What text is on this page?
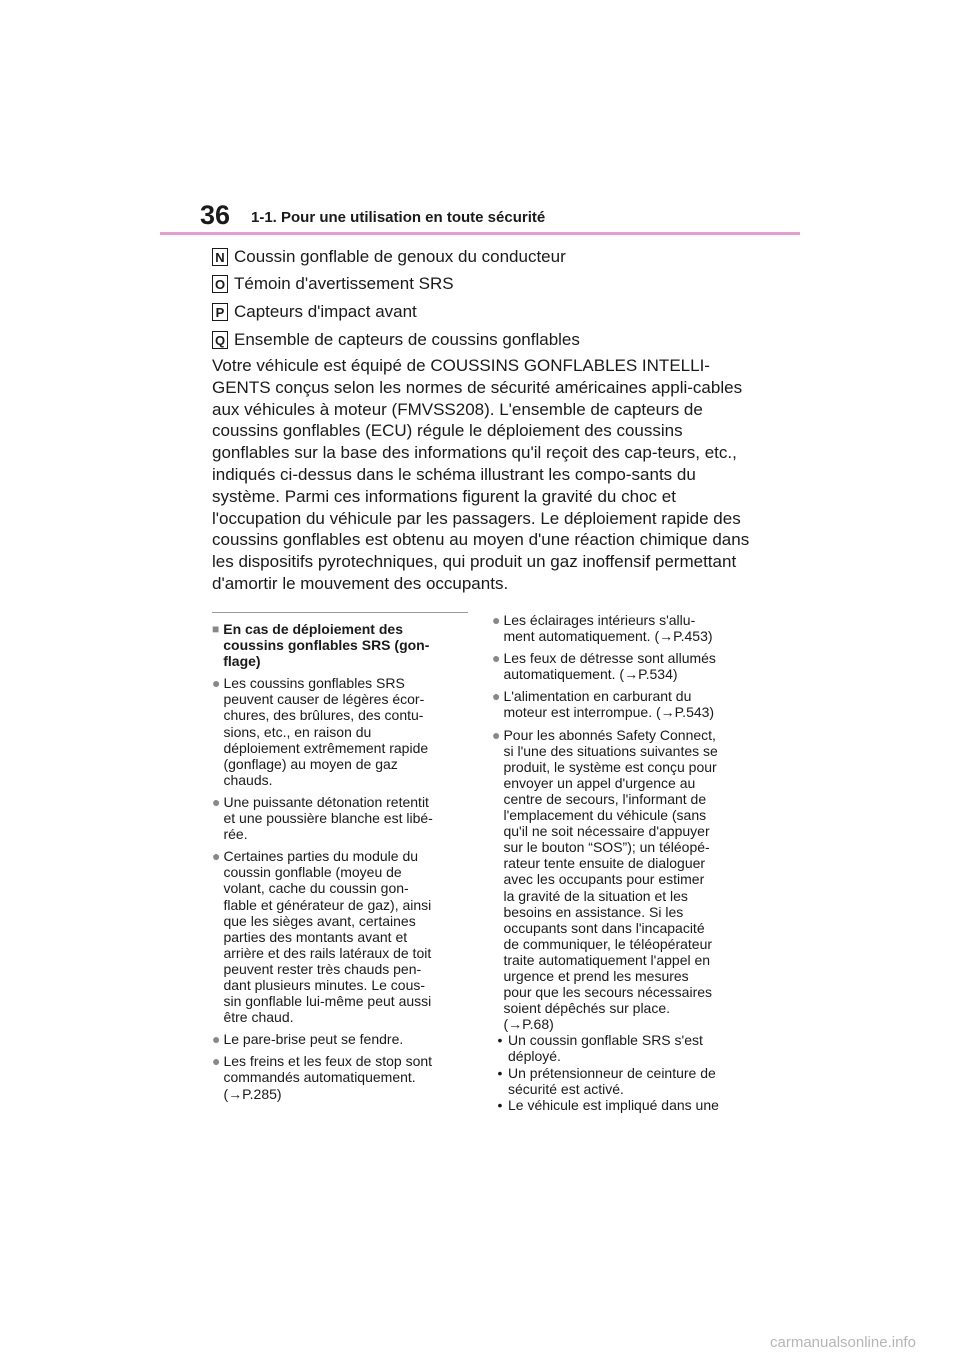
36 1-1. Pour une utilisation en toute sécurité
N Coussin gonflable de genoux du conducteur
O Témoin d'avertissement SRS
P Capteurs d'impact avant
Q Ensemble de capteurs de coussins gonflables

Votre véhicule est équipé de COUSSINS GONFLABLES INTELLI-GENTS conçus selon les normes de sécurité américaines appli-cables aux véhicules à moteur (FMVSS208). L'ensemble de capteurs de coussins gonflables (ECU) régule le déploiement des coussins gonflables sur la base des informations qu'il reçoit des cap-teurs, etc., indiqués ci-dessus dans le schéma illustrant les compo-sants du système. Parmi ces informations figurent la gravité du choc et l'occupation du véhicule par les passagers. Le déploiement rapide des coussins gonflables est obtenu au moyen d'une réaction chimique dans les dispositifs pyrotechniques, qui produit un gaz inoffensif permettant d'amortir le mouvement des occupants.

■ En cas de déploiement des
coussins gonflables SRS (gon-
flage)
● Les coussins gonflables SRS
peuvent causer de légères écor-
chures, des brûlures, des contu-
sions, etc., en raison du
déploiement extrêmement rapide
(gonflage) au moyen de gaz
chauds.
● Une puissante détonation retentit
et une poussière blanche est libé-
rée.
● Certaines parties du module du
coussin gonflable (moyeu de
volant, cache du coussin gon-
flable et générateur de gaz), ainsi
que les sièges avant, certaines
parties des montants avant et
arrière et des rails latéraux de toit
peuvent rester très chauds pen-
dant plusieurs minutes. Le cous-
sin gonflable lui-même peut aussi
être chaud.
● Le pare-brise peut se fendre.
● Les freins et les feux de stop sont
commandés automatiquement.
(→P.285)
● Les éclairages intérieurs s'allu-
ment automatiquement. (→P.453)
● Les feux de détresse sont allumés
automatiquement. (→P.534)
● L'alimentation en carburant du
moteur est interrompue. (→P.543)
● Pour les abonnés Safety Connect,
si l'une des situations suivantes se
produit, le système est conçu pour
envoyer un appel d'urgence au
centre de secours, l'informant de
l'emplacement du véhicule (sans
qu'il ne soit nécessaire d'appuyer
sur le bouton “SOS”); un téléopé-
rateur tente ensuite de dialoguer
avec les occupants pour estimer
la gravité de la situation et les
besoins en assistance. Si les
occupants sont dans l'incapacité
de communiquer, le téléopérateur
traite automatiquement l'appel en
urgence et prend les mesures
pour que les secours nécessaires
soient dépêchés sur place.
(→P.68)
• Un coussin gonflable SRS s'est
déployé.
• Un prétensionneur de ceinture de
sécurité est activé.
• Le véhicule est impliqué dans une
carmanualsonline.info
